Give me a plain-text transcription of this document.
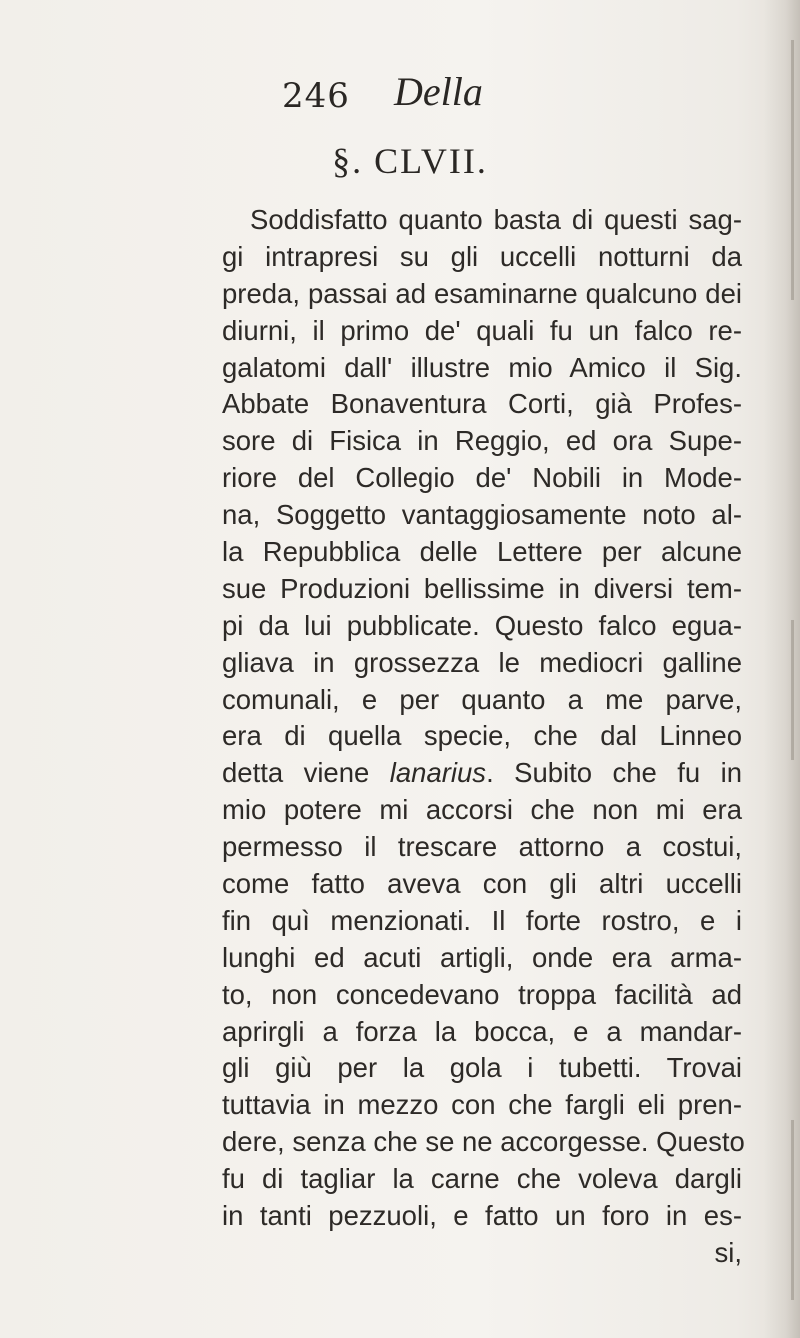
246 Della
§. CLVII.
Soddisfatto quanto basta di questi sag-
gi intrapresi su gli uccelli notturni da
preda, passai ad esaminarne qualcuno dei
diurni, il primo de' quali fu un falco re-
galatomi dall' illustre mio Amico il Sig.
Abbate Bonaventura Corti, già Profes-
sore di Fisica in Reggio, ed ora Supe-
riore del Collegio de' Nobili in Mode-
na, Soggetto vantaggiosamente noto al-
la Repubblica delle Lettere per alcune
sue Produzioni bellissime in diversi tem-
pi da lui pubblicate. Questo falco egua-
gliava in grossezza le mediocri galline
comunali, e per quanto a me parve,
era di quella specie, che dal Linneo
detta viene lanarius. Subito che fu in
mio potere mi accorsi che non mi era
permesso il trescare attorno a costui,
come fatto aveva con gli altri uccelli
fin quì menzionati. Il forte rostro, e i
lunghi ed acuti artigli, onde era arma-
to, non concedevano troppa facilità ad
aprirgli a forza la bocca, e a mandar-
gli giù per la gola i tubetti. Trovai
tuttavia in mezzo con che fargli eli pren-
dere, senza che se ne accorgesse. Questo
fu di tagliar la carne che voleva dargli
in tanti pezzuoli, e fatto un foro in es-
si,
